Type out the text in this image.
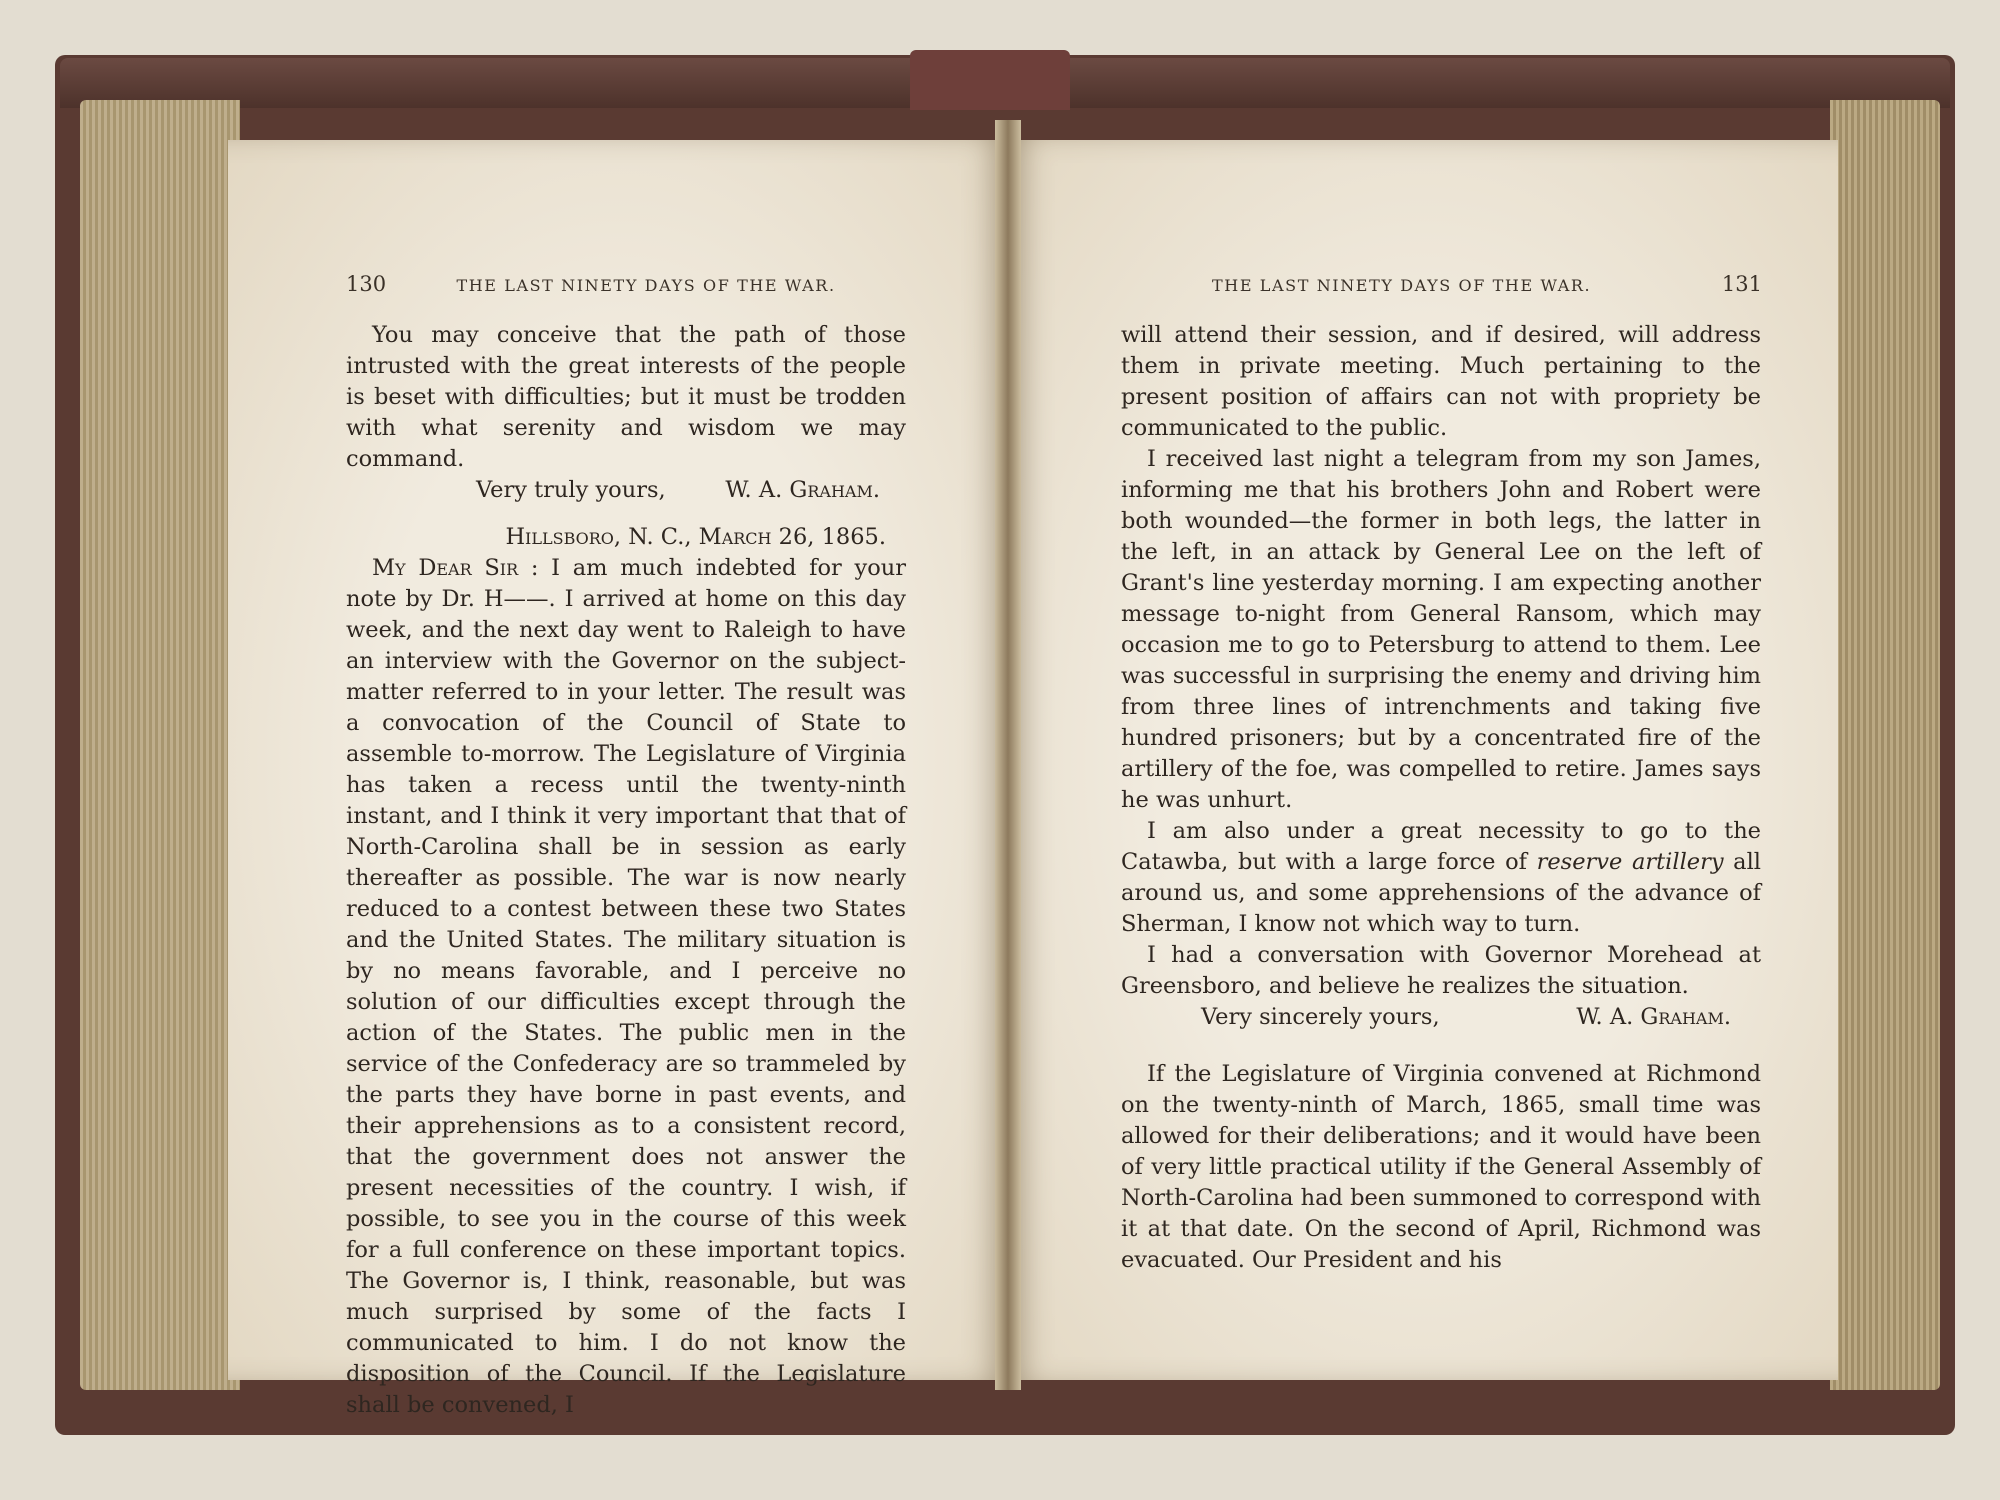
130	THE LAST NINETY DAYS OF THE WAR.

You may conceive that the path of those intrusted with the great interests of the people is beset with difficulties; but it must be trodden with what serenity and wisdom we may command.

Very truly yours,	W. A. Graham.

Hillsboro, N. C., March 26, 1865.

My Dear Sir : I am much indebted for your note by Dr. H——. I arrived at home on this day week, and the next day went to Raleigh to have an interview with the Governor on the subject-matter referred to in your letter. The result was a convocation of the Council of State to assemble to-morrow. The Legislature of Virginia has taken a recess until the twenty-ninth instant, and I think it very important that that of North-Carolina shall be in session as early thereafter as possible. The war is now nearly reduced to a contest between these two States and the United States. The military situation is by no means favorable, and I perceive no solution of our difficulties except through the action of the States. The public men in the service of the Confederacy are so trammeled by the parts they have borne in past events, and their apprehensions as to a consistent record, that the government does not answer the present necessities of the country. I wish, if possible, to see you in the course of this week for a full conference on these important topics. The Governor is, I think, reasonable, but was much surprised by some of the facts I communicated to him. I do not know the disposition of the Council. If the Legislature shall be convened, I

THE LAST NINETY DAYS OF THE WAR.	131

will attend their session, and if desired, will address them in private meeting. Much pertaining to the present position of affairs can not with propriety be communicated to the public.

I received last night a telegram from my son James, informing me that his brothers John and Robert were both wounded—the former in both legs, the latter in the left, in an attack by General Lee on the left of Grant's line yesterday morning. I am expecting another message to-night from General Ransom, which may occasion me to go to Petersburg to attend to them. Lee was successful in surprising the enemy and driving him from three lines of intrenchments and taking five hundred prisoners; but by a concentrated fire of the artillery of the foe, was compelled to retire. James says he was unhurt.

I am also under a great necessity to go to the Catawba, but with a large force of reserve artillery all around us, and some apprehensions of the advance of Sherman, I know not which way to turn.

I had a conversation with Governor Morehead at Greensboro, and believe he realizes the situation.

Very sincerely yours,	W. A. Graham.

If the Legislature of Virginia convened at Richmond on the twenty-ninth of March, 1865, small time was allowed for their deliberations; and it would have been of very little practical utility if the General Assembly of North-Carolina had been summoned to correspond with it at that date. On the second of April, Richmond was evacuated. Our President and his
